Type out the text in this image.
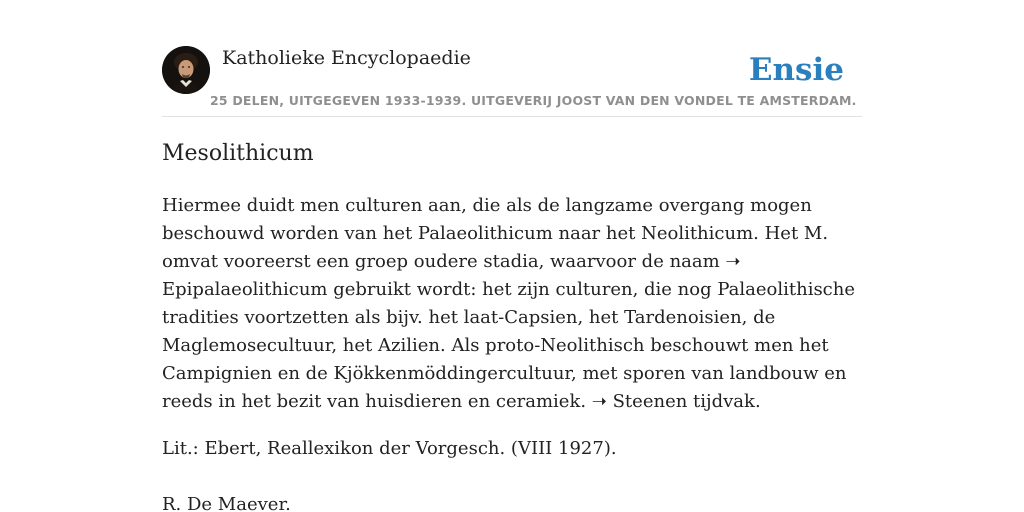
Katholieke Encyclopaedie	Ensie
25 DELEN, UITGEGEVEN 1933-1939. UITGEVERIJ JOOST VAN DEN VONDEL TE AMSTERDAM.
Mesolithicum

Hiermee duidt men culturen aan, die als de langzame overgang mogen beschouwd worden van het Palaeolithicum naar het Neolithicum. Het M. omvat vooreerst een groep oudere stadia, waarvoor de naam ➝ Epipalaeolithicum gebruikt wordt: het zijn culturen, die nog Palaeolithische tradities voortzetten als bijv. het laat-Capsien, het Tardenoisien, de Maglemosecultuur, het Azilien. Als proto-Neolithisch beschouwt men het Campignien en de Kjökkenmöddingercultuur, met sporen van landbouw en reeds in het bezit van huisdieren en ceramiek. ➝ Steenen tijdvak.

Lit.: Ebert, Reallexikon der Vorgesch. (VIII 1927).

R. De Maever.
